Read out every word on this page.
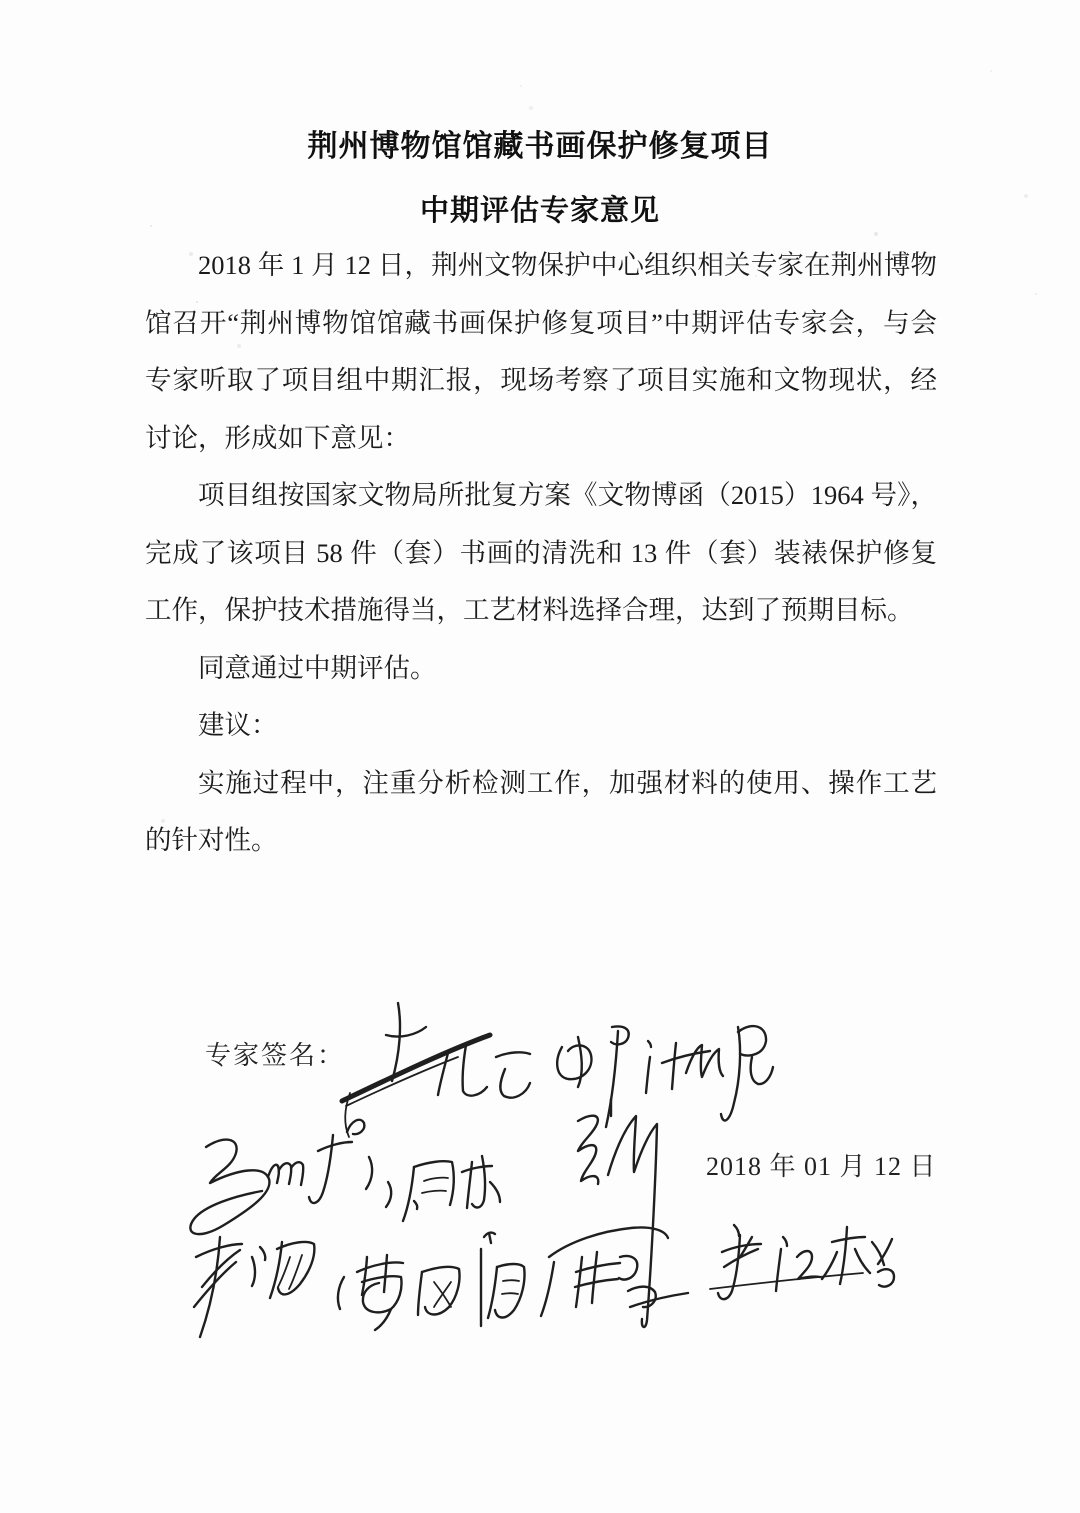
荆州博物馆馆藏书画保护修复项目
中期评估专家意见

2018 年 1 月 12 日，荆州文物保护中心组织相关专家在荆州博物馆召开“荆州博物馆馆藏书画保护修复项目”中期评估专家会，与会专家听取了项目组中期汇报，现场考察了项目实施和文物现状，经讨论，形成如下意见：

项目组按国家文物局所批复方案《文物博函（2015）1964 号》，完成了该项目 58 件（套）书画的清洗和 13 件（套）装裱保护修复工作，保护技术措施得当，工艺材料选择合理，达到了预期目标。

同意通过中期评估。

建议：

实施过程中，注重分析检测工作，加强材料的使用、操作工艺的针对性。

专家签名：
2018 年 01 月 12 日
